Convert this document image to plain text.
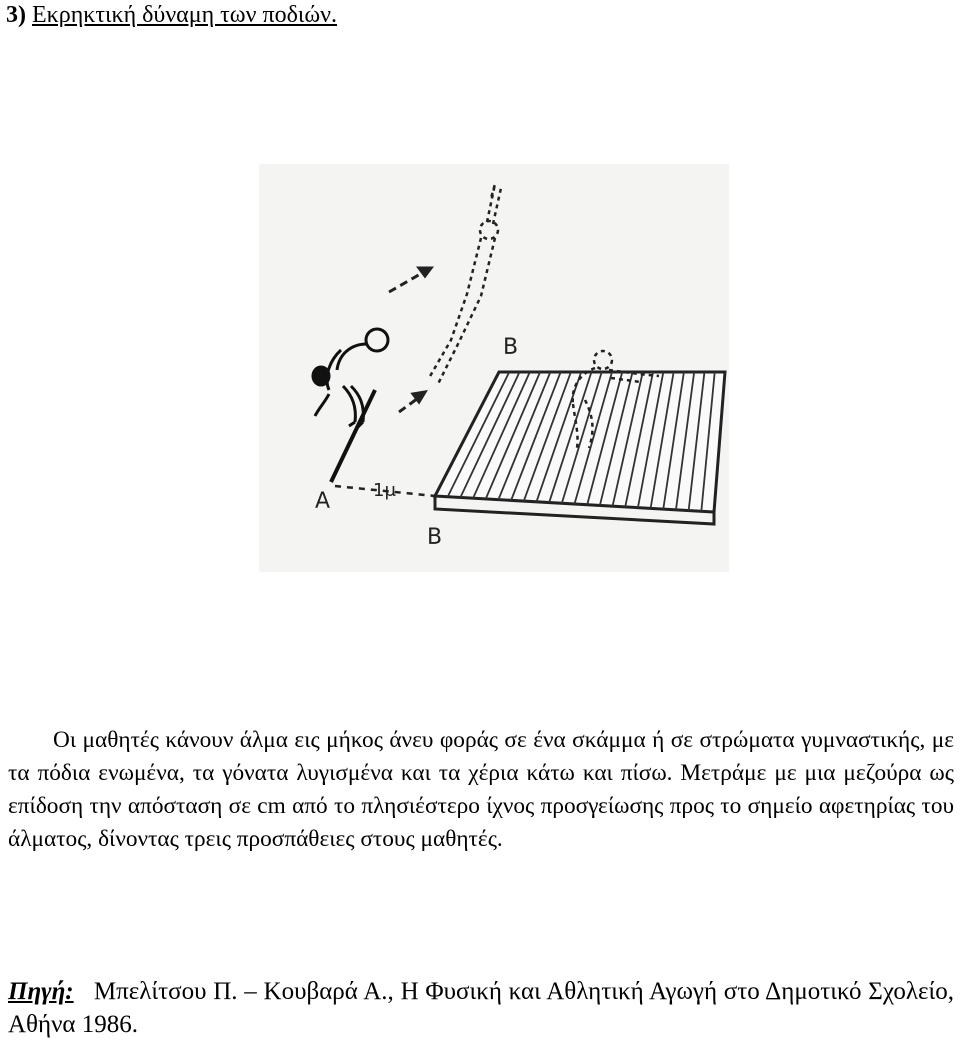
3) Εκρηκτική δύναμη των ποδιών.
Α
Β
Β
1μ

Οι μαθητές κάνουν άλμα εις μήκος άνευ φοράς σε ένα σκάμμα ή σε στρώματα γυμναστικής, με τα πόδια ενωμένα, τα γόνατα λυγισμένα και τα χέρια κάτω και πίσω. Μετράμε με μια μεζούρα ως επίδοση την απόσταση σε cm από το πλησιέστερο ίχνος προσγείωσης προς το σημείο αφετηρίας του άλματος, δίνοντας τρεις προσπάθειες στους μαθητές.

Πηγή: Μπελίτσου Π. – Κουβαρά Α., Η Φυσική και Αθλητική Αγωγή στο Δημοτικό Σχολείο, Αθήνα 1986.
